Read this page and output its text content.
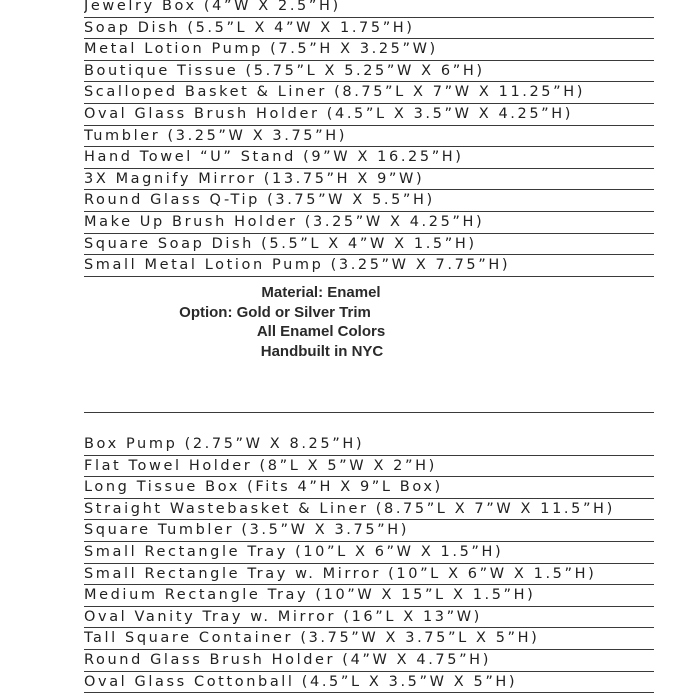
Jewelry Box (4”W X 2.5”H)
Soap Dish (5.5”L X 4”W X 1.75”H)
Metal Lotion Pump (7.5”H X 3.25”W)
Boutique Tissue (5.75”L X 5.25”W X 6”H)
Scalloped Basket & Liner (8.75”L X 7”W X 11.25”H)
Oval Glass Brush Holder (4.5”L X 3.5”W X 4.25”H)
Tumbler (3.25”W X 3.75”H)
Hand Towel “U” Stand (9”W X 16.25”H)
3X Magnify Mirror (13.75”H X 9”W)
Round Glass Q-Tip (3.75”W X 5.5”H)
Make Up Brush Holder (3.25”W X 4.25”H)
Square Soap Dish (5.5”L X 4”W X 1.5”H)
Small Metal Lotion Pump (3.25”W X 7.75”H)
Material: Enamel
Option: Gold or Silver Trim
All Enamel Colors
Handbuilt in NYC
Box Pump (2.75”W X 8.25”H)
Flat Towel Holder (8”L X 5”W X 2”H)
Long Tissue Box (Fits 4”H X 9”L Box)
Straight Wastebasket & Liner (8.75”L X 7”W X 11.5”H)
Square Tumbler (3.5”W X 3.75”H)
Small Rectangle Tray (10”L X 6”W X 1.5”H)
Small Rectangle Tray w. Mirror (10”L X 6”W X 1.5”H)
Medium Rectangle Tray (10”W X 15”L X 1.5”H)
Oval Vanity Tray w. Mirror (16”L X 13”W)
Tall Square Container (3.75”W X 3.75”L X 5”H)
Round Glass Brush Holder (4”W X 4.75”H)
Oval Glass Cottonball (4.5”L X 3.5”W X 5”H)
